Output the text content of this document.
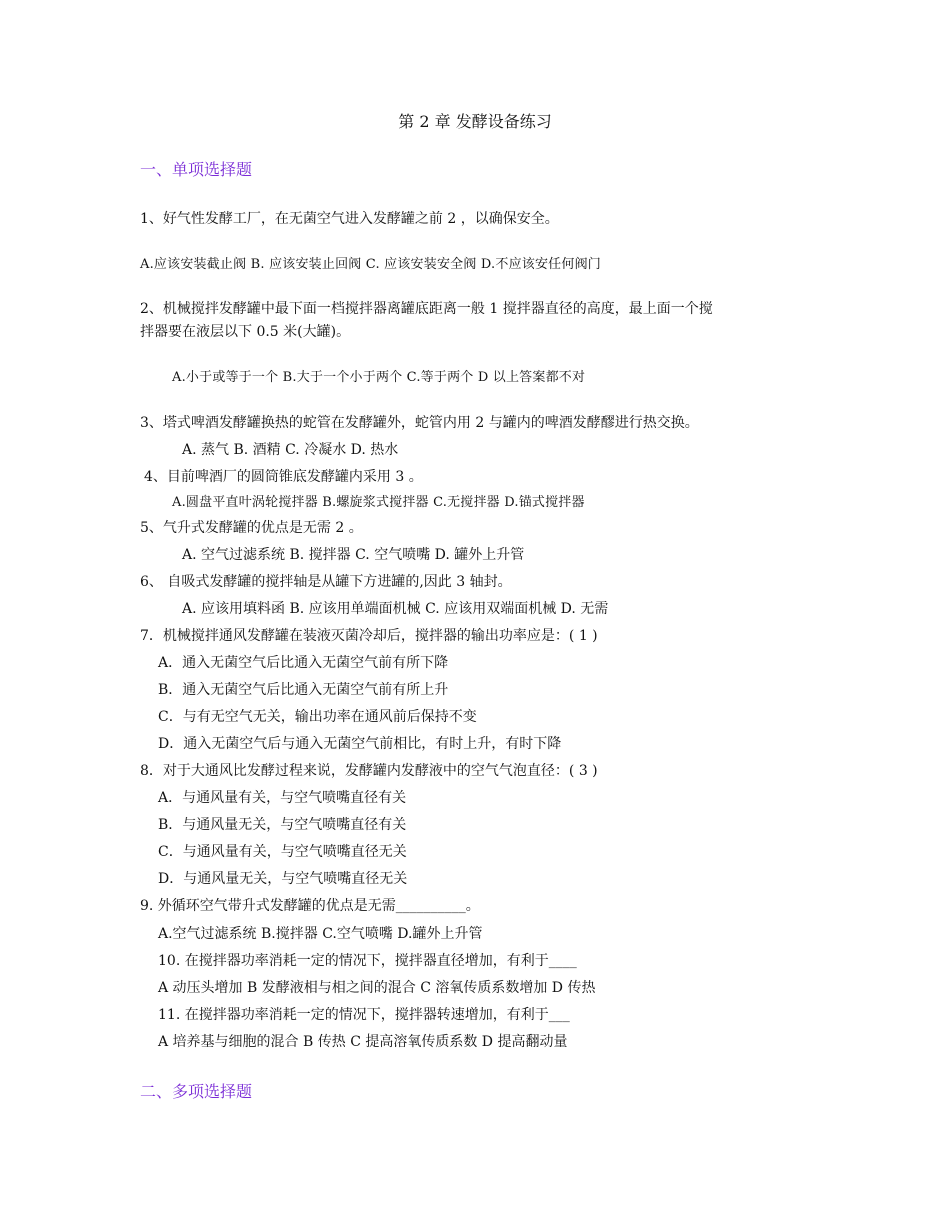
第 2 章 发酵设备练习
一、单项选择题
1、好气性发酵工厂，在无菌空气进入发酵罐之前 2 ，以确保安全。
A.应该安装截止阀 B. 应该安装止回阀 C. 应该安装安全阀 D.不应该安任何阀门
2、机械搅拌发酵罐中最下面一档搅拌器离罐底距离一般 1 搅拌器直径的高度，最上面一个搅
拌器要在液层以下 0.5 米(大罐)。
A.小于或等于一个 B.大于一个小于两个 C.等于两个 D 以上答案都不对
3、塔式啤酒发酵罐换热的蛇管在发酵罐外，蛇管内用 2 与罐内的啤酒发酵醪进行热交换。
A. 蒸气 B. 酒精 C. 冷凝水 D. 热水
4、目前啤酒厂的圆筒锥底发酵罐内采用 3 。
A.圆盘平直叶涡轮搅拌器 B.螺旋浆式搅拌器 C.无搅拌器 D.锚式搅拌器
5、气升式发酵罐的优点是无需 2 。
A. 空气过滤系统 B. 搅拌器 C. 空气喷嘴 D. 罐外上升管
6、 自吸式发酵罐的搅拌轴是从罐下方进罐的,因此 3 轴封。
A. 应该用填料函 B. 应该用单端面机械 C. 应该用双端面机械 D. 无需
7．机械搅拌通风发酵罐在装液灭菌冷却后，搅拌器的输出功率应是：( 1 )
A．通入无菌空气后比通入无菌空气前有所下降
B．通入无菌空气后比通入无菌空气前有所上升
C．与有无空气无关，输出功率在通风前后保持不变
D．通入无菌空气后与通入无菌空气前相比，有时上升，有时下降
8．对于大通风比发酵过程来说，发酵罐内发酵液中的空气气泡直径：( 3 )
A．与通风量有关，与空气喷嘴直径有关
B．与通风量无关，与空气喷嘴直径有关
C．与通风量有关，与空气喷嘴直径无关
D．与通风量无关，与空气喷嘴直径无关
9. 外循环空气带升式发酵罐的优点是无需__________。
A.空气过滤系统 B.搅拌器 C.空气喷嘴 D.罐外上升管
10. 在搅拌器功率消耗一定的情况下，搅拌器直径增加，有利于____
A 动压头增加 B 发酵液相与相之间的混合 C 溶氧传质系数增加 D 传热
11. 在搅拌器功率消耗一定的情况下，搅拌器转速增加，有利于___
A 培养基与细胞的混合 B 传热 C 提高溶氧传质系数 D 提高翻动量
二、多项选择题
